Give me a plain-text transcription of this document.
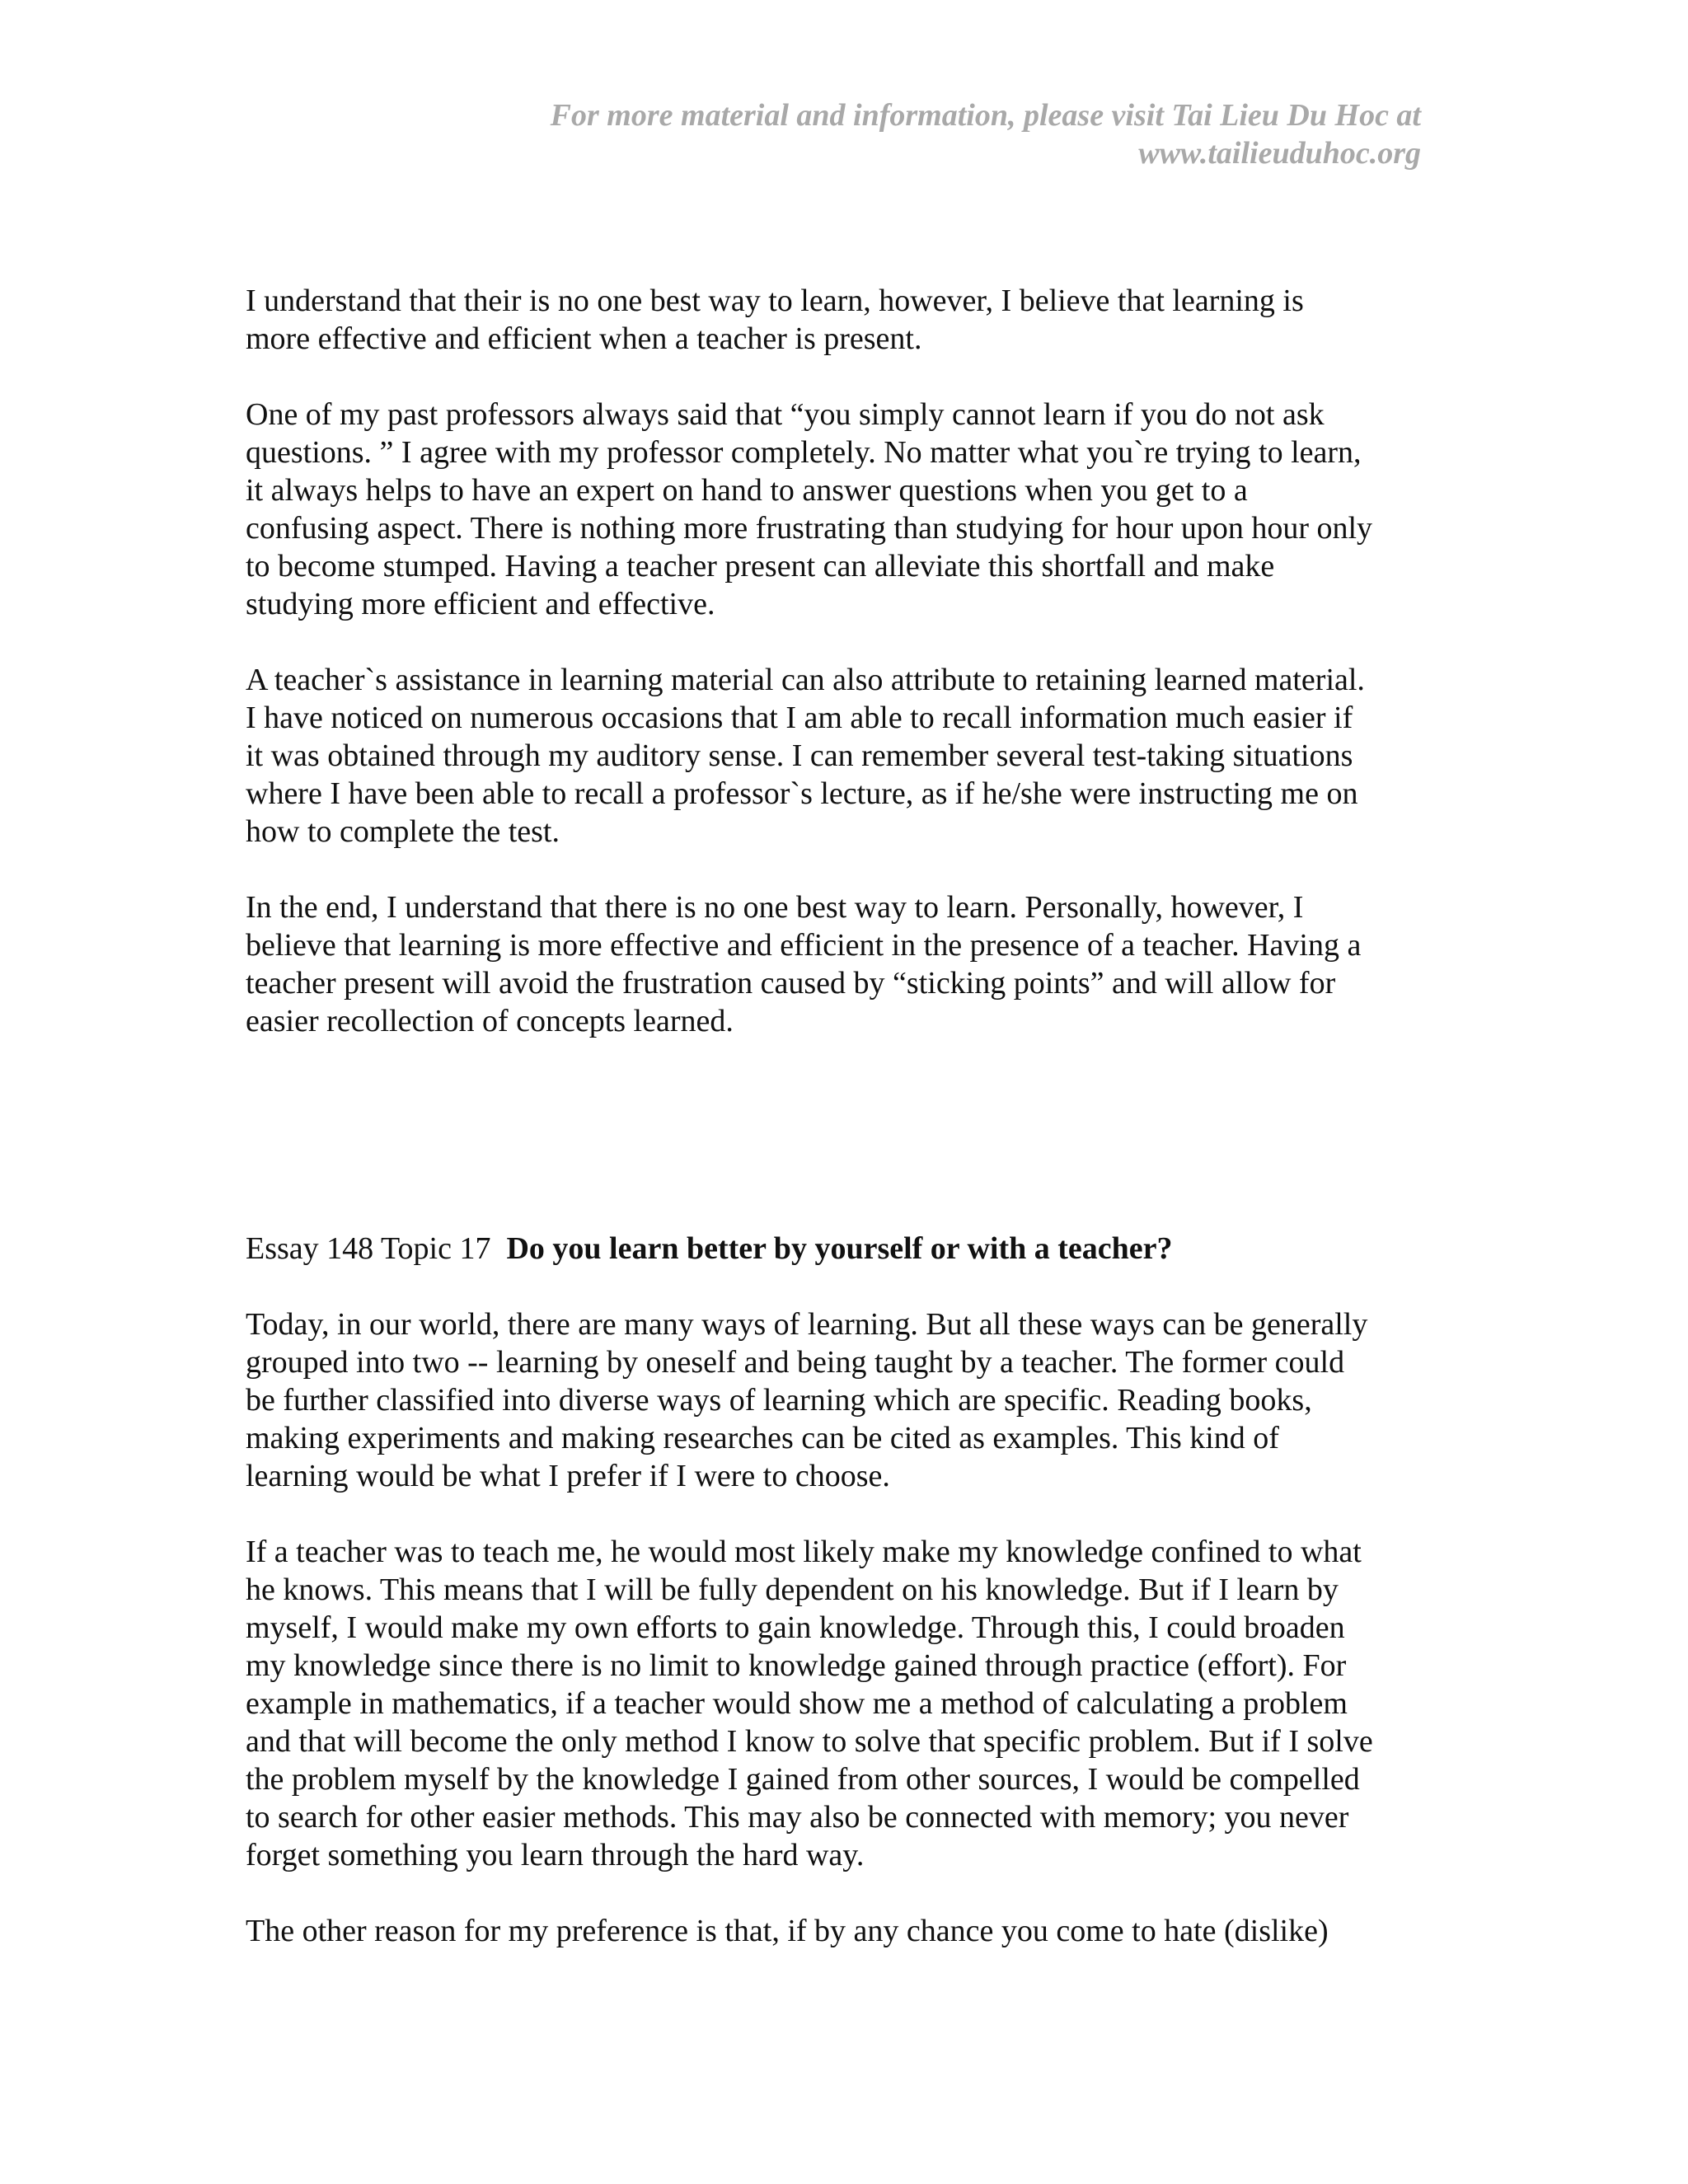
For more material and information, please visit Tai Lieu Du Hoc at
www.tailieuduhoc.org
I understand that their is no one best way to learn, however, I believe that learning is
more effective and efficient when a teacher is present.
One of my past professors always said that “you simply cannot learn if you do not ask
questions. ” I agree with my professor completely. No matter what you`re trying to learn,
it always helps to have an expert on hand to answer questions when you get to a
confusing aspect. There is nothing more frustrating than studying for hour upon hour only
to become stumped. Having a teacher present can alleviate this shortfall and make
studying more efficient and effective.
A teacher`s assistance in learning material can also attribute to retaining learned material.
I have noticed on numerous occasions that I am able to recall information much easier if
it was obtained through my auditory sense. I can remember several test-taking situations
where I have been able to recall a professor`s lecture, as if he/she were instructing me on
how to complete the test.
In the end, I understand that there is no one best way to learn. Personally, however, I
believe that learning is more effective and efficient in the presence of a teacher. Having a
teacher present will avoid the frustration caused by “sticking points” and will allow for
easier recollection of concepts learned.
Essay 148 Topic 17 Do you learn better by yourself or with a teacher?
Today, in our world, there are many ways of learning. But all these ways can be generally
grouped into two -- learning by oneself and being taught by a teacher. The former could
be further classified into diverse ways of learning which are specific. Reading books,
making experiments and making researches can be cited as examples. This kind of
learning would be what I prefer if I were to choose.
If a teacher was to teach me, he would most likely make my knowledge confined to what
he knows. This means that I will be fully dependent on his knowledge. But if I learn by
myself, I would make my own efforts to gain knowledge. Through this, I could broaden
my knowledge since there is no limit to knowledge gained through practice (effort). For
example in mathematics, if a teacher would show me a method of calculating a problem
and that will become the only method I know to solve that specific problem. But if I solve
the problem myself by the knowledge I gained from other sources, I would be compelled
to search for other easier methods. This may also be connected with memory; you never
forget something you learn through the hard way.
The other reason for my preference is that, if by any chance you come to hate (dislike)
